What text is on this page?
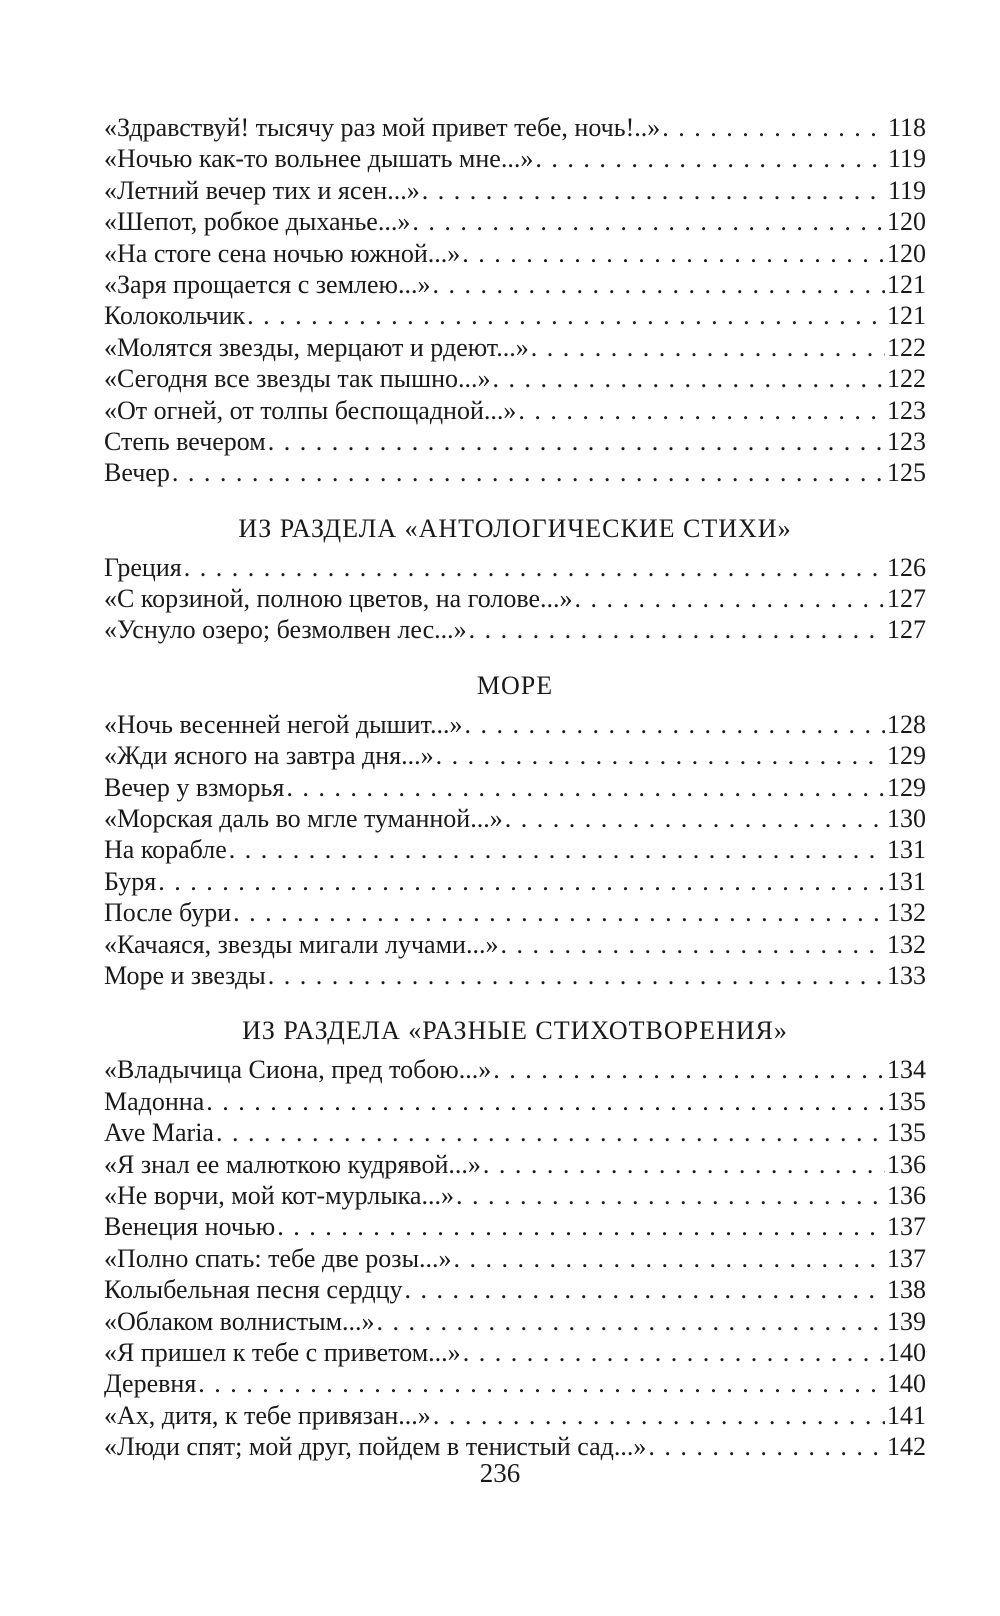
«Здравствуй! тысячу раз мой привет тебе, ночь!..» . . .	118
«Ночью как-то вольнее дышать мне...» . . .	119
«Летний вечер тих и ясен...» . . .	119
«Шепот, робкое дыханье...» . . .	120
«На стоге сена ночью южной...» . . .	120
«Заря прощается с землею...» . . .	121
Колокольчик . . .	121
«Молятся звезды, мерцают и рдеют...» . . .	122
«Сегодня все звезды так пышно...» . . .	122
«От огней, от толпы беспощадной...» . . .	123
Степь вечером . . .	123
Вечер . . .	125
ИЗ РАЗДЕЛА «АНТОЛОГИЧЕСКИЕ СТИХИ»
Греция . . .	126
«С корзиной, полною цветов, на голове...» . . .	127
«Уснуло озеро; безмолвен лес...» . . .	127
МОРЕ
«Ночь весенней негой дышит...» . . .	128
«Жди ясного на завтра дня...» . . .	129
Вечер у взморья . . .	129
«Морская даль во мгле туманной...» . . .	130
На корабле . . .	131
Буря . . .	131
После бури . . .	132
«Качаяся, звезды мигали лучами...» . . .	132
Море и звезды . . .	133
ИЗ РАЗДЕЛА «РАЗНЫЕ СТИХОТВОРЕНИЯ»
«Владычица Сиона, пред тобою...» . . .	134
Мадонна . . .	135
Ave Maria . . .	135
«Я знал ее малюткою кудрявой...» . . .	136
«Не ворчи, мой кот-мурлыка...» . . .	136
Венеция ночью . . .	137
«Полно спать: тебе две розы...» . . .	137
Колыбельная песня сердцу . . .	138
«Облаком волнистым...» . . .	139
«Я пришел к тебе с приветом...» . . .	140
Деревня . . .	140
«Ах, дитя, к тебе привязан...» . . .	141
«Люди спят; мой друг, пойдем в тенистый сад...» . . .	142
236
